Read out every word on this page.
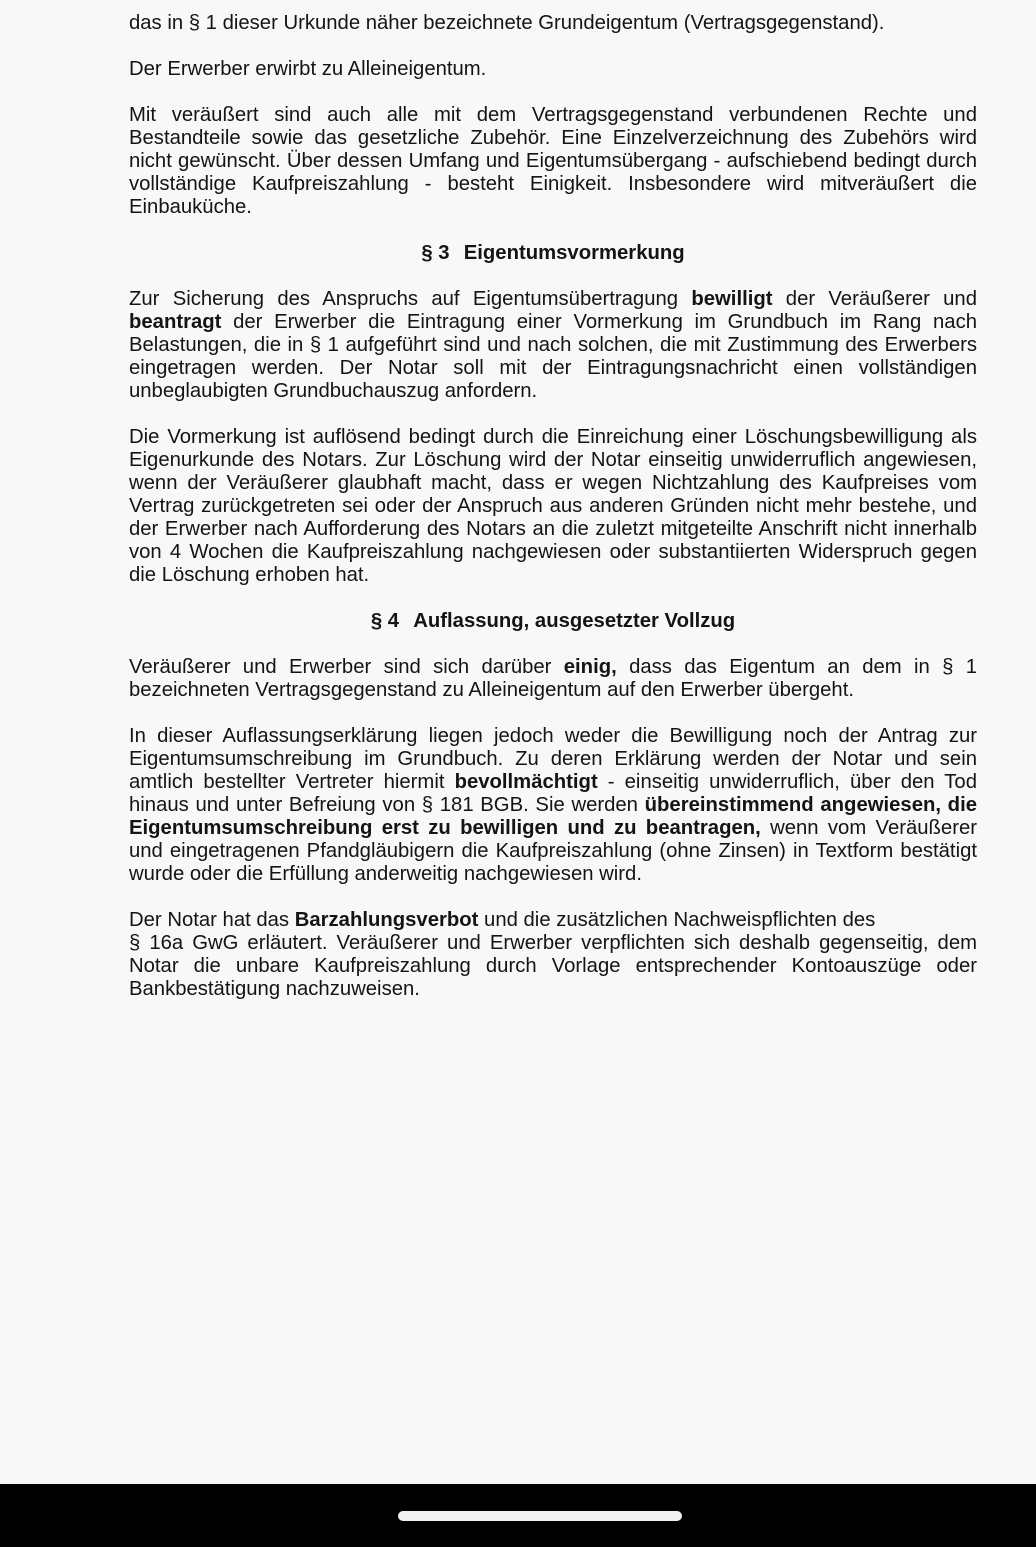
das in § 1 dieser Urkunde näher bezeichnete Grundeigentum (Vertragsgegenstand).

Der Erwerber erwirbt zu Alleineigentum.

Mit veräußert sind auch alle mit dem Vertragsgegenstand verbundenen Rechte und Bestandteile sowie das gesetzliche Zubehör. Eine Einzelverzeichnung des Zubehörs wird nicht gewünscht. Über dessen Umfang und Eigentumsübergang - aufschiebend bedingt durch vollständige Kaufpreiszahlung - besteht Einigkeit. Insbesondere wird mitveräußert die Einbauküche.

§ 3 Eigentumsvormerkung

Zur Sicherung des Anspruchs auf Eigentumsübertragung bewilligt der Veräußerer und beantragt der Erwerber die Eintragung einer Vormerkung im Grundbuch im Rang nach Belastungen, die in § 1 aufgeführt sind und nach solchen, die mit Zustimmung des Erwerbers eingetragen werden. Der Notar soll mit der Eintragungsnachricht einen vollständigen unbeglaubigten Grundbuchauszug anfordern.

Die Vormerkung ist auflösend bedingt durch die Einreichung einer Löschungsbewilligung als Eigenurkunde des Notars. Zur Löschung wird der Notar einseitig unwiderruflich angewiesen, wenn der Veräußerer glaubhaft macht, dass er wegen Nichtzahlung des Kaufpreises vom Vertrag zurückgetreten sei oder der Anspruch aus anderen Gründen nicht mehr bestehe, und der Erwerber nach Aufforderung des Notars an die zuletzt mitgeteilte Anschrift nicht innerhalb von 4 Wochen die Kaufpreiszahlung nachgewiesen oder substantiierten Widerspruch gegen die Löschung erhoben hat.

§ 4 Auflassung, ausgesetzter Vollzug

Veräußerer und Erwerber sind sich darüber einig, dass das Eigentum an dem in § 1 bezeichneten Vertragsgegenstand zu Alleineigentum auf den Erwerber übergeht.

In dieser Auflassungserklärung liegen jedoch weder die Bewilligung noch der Antrag zur Eigentumsumschreibung im Grundbuch. Zu deren Erklärung werden der Notar und sein amtlich bestellter Vertreter hiermit bevollmächtigt - einseitig unwiderruflich, über den Tod hinaus und unter Befreiung von § 181 BGB. Sie werden übereinstimmend angewiesen, die Eigentumsumschreibung erst zu bewilligen und zu beantragen, wenn vom Veräußerer und eingetragenen Pfandgläubigern die Kaufpreiszahlung (ohne Zinsen) in Textform bestätigt wurde oder die Erfüllung anderweitig nachgewiesen wird.

Der Notar hat das Barzahlungsverbot und die zusätzlichen Nachweispflichten des
§ 16a GwG erläutert. Veräußerer und Erwerber verpflichten sich deshalb gegenseitig, dem Notar die unbare Kaufpreiszahlung durch Vorlage entsprechender Kontoauszüge oder Bankbestätigung nachzuweisen.
